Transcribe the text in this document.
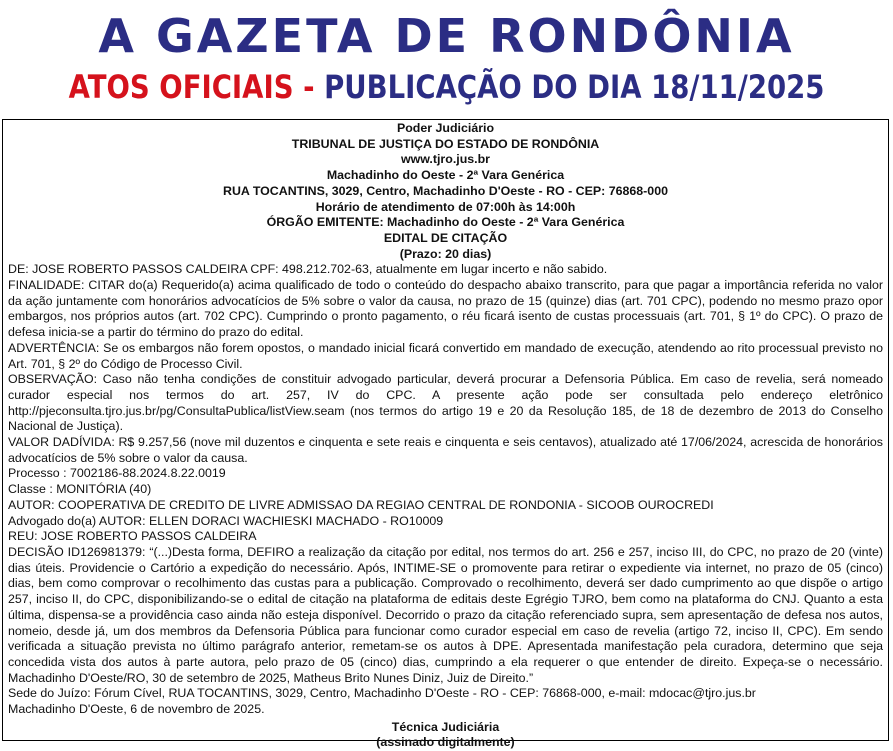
A GAZETA DE RONDÔNIA
ATOS OFICIAIS - PUBLICAÇÃO DO DIA 18/11/2025
Poder Judiciário
TRIBUNAL DE JUSTIÇA DO ESTADO DE RONDÔNIA
www.tjro.jus.br
Machadinho do Oeste - 2ª Vara Genérica
RUA TOCANTINS, 3029, Centro, Machadinho D'Oeste - RO - CEP: 76868-000
Horário de atendimento de 07:00h às 14:00h
ÓRGÃO EMITENTE: Machadinho do Oeste - 2ª Vara Genérica
EDITAL DE CITAÇÃO
(Prazo: 20 dias)
DE: JOSE ROBERTO PASSOS CALDEIRA CPF: 498.212.702-63, atualmente em lugar incerto e não sabido.
FINALIDADE: CITAR do(a) Requerido(a) acima qualificado de todo o conteúdo do despacho abaixo transcrito, para que pagar a importância referida no valor da ação juntamente com honorários advocatícios de 5% sobre o valor da causa, no prazo de 15 (quinze) dias (art. 701 CPC), podendo no mesmo prazo opor embargos, nos próprios autos (art. 702 CPC). Cumprindo o pronto pagamento, o réu ficará isento de custas processuais (art. 701, § 1º do CPC). O prazo de defesa inicia-se a partir do término do prazo do edital.
ADVERTÊNCIA: Se os embargos não forem opostos, o mandado inicial ficará convertido em mandado de execução, atendendo ao rito processual previsto no Art. 701, § 2º do Código de Processo Civil.
OBSERVAÇÃO: Caso não tenha condições de constituir advogado particular, deverá procurar a Defensoria Pública. Em caso de revelia, será nomeado curador especial nos termos do art. 257, IV do CPC. A presente ação pode ser consultada pelo endereço eletrônico http://pjeconsulta.tjro.jus.br/pg/ConsultaPublica/listView.seam (nos termos do artigo 19 e 20 da Resolução 185, de 18 de dezembro de 2013 do Conselho Nacional de Justiça).
VALOR DADÍVIDA: R$ 9.257,56 (nove mil duzentos e cinquenta e sete reais e cinquenta e seis centavos), atualizado até 17/06/2024, acrescida de honorários advocatícios de 5% sobre o valor da causa.
Processo : 7002186-88.2024.8.22.0019
Classe : MONITÓRIA (40)
AUTOR: COOPERATIVA DE CREDITO DE LIVRE ADMISSAO DA REGIAO CENTRAL DE RONDONIA - SICOOB OUROCREDI
Advogado do(a) AUTOR: ELLEN DORACI WACHIESKI MACHADO - RO10009
REU: JOSE ROBERTO PASSOS CALDEIRA
DECISÃO ID126981379: “(...)Desta forma, DEFIRO a realização da citação por edital, nos termos do art. 256 e 257, inciso III, do CPC, no prazo de 20 (vinte) dias úteis. Providencie o Cartório a expedição do necessário. Após, INTIME-SE o promovente para retirar o expediente via internet, no prazo de 05 (cinco) dias, bem como comprovar o recolhimento das custas para a publicação. Comprovado o recolhimento, deverá ser dado cumprimento ao que dispõe o artigo 257, inciso II, do CPC, disponibilizando-se o edital de citação na plataforma de editais deste Egrégio TJRO, bem como na plataforma do CNJ. Quanto a esta última, dispensa-se a providência caso ainda não esteja disponível. Decorrido o prazo da citação referenciado supra, sem apresentação de defesa nos autos, nomeio, desde já, um dos membros da Defensoria Pública para funcionar como curador especial em caso de revelia (artigo 72, inciso II, CPC). Em sendo verificada a situação prevista no último parágrafo anterior, remetam-se os autos à DPE. Apresentada manifestação pela curadora, determino que seja concedida vista dos autos à parte autora, pelo prazo de 05 (cinco) dias, cumprindo a ela requerer o que entender de direito. Expeça-se o necessário. Machadinho D'Oeste/RO, 30 de setembro de 2025, Matheus Brito Nunes Diniz, Juiz de Direito.”
Sede do Juízo: Fórum Cível, RUA TOCANTINS, 3029, Centro, Machadinho D'Oeste - RO - CEP: 76868-000, e-mail: mdocac@tjro.jus.br
Machadinho D'Oeste, 6 de novembro de 2025.
Técnica Judiciária
(assinado digitalmente)
